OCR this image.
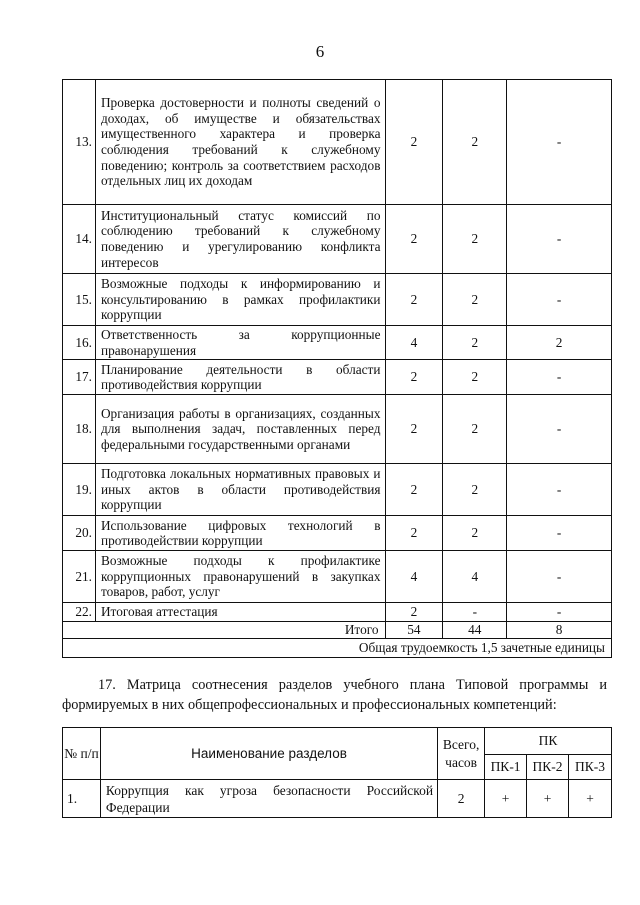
6
13.	Проверка достоверности и полноты сведений о доходах, об имуществе и обязательствах имущественного характера и проверка соблюдения требований к служебному поведению; контроль за соответствием расходов отдельных лиц их доходам	2	2	-
14.	Институциональный статус комиссий по соблюдению требований к служебному поведению и урегулированию конфликта интересов	2	2	-
15.	Возможные подходы к информированию и консультированию в рамках профилактики коррупции	2	2	-
16.	Ответственность за коррупционные правонарушения	4	2	2
17.	Планирование деятельности в области противодействия коррупции	2	2	-
18.	Организация работы в организациях, созданных для выполнения задач, поставленных перед федеральными государственными органами	2	2	-
19.	Подготовка локальных нормативных правовых и иных актов в области противодействия коррупции	2	2	-
20.	Использование цифровых технологий в противодействии коррупции	2	2	-
21.	Возможные подходы к профилактике коррупционных правонарушений в закупках товаров, работ, услуг	4	4	-
22.	Итоговая аттестация	2	-	-
Итого		54	44	8
Общая трудоемкость 1,5 зачетные единицы				
17. Матрица соотнесения разделов учебного плана Типовой программы и формируемых в них общепрофессиональных и профессиональных компетенций:
№ п/п	Наименование разделов	Всего, часов	ПК		
			ПК-1	ПК-2	ПК-3
1.	Коррупция как угроза безопасности Российской Федерации	2	+	+	+
